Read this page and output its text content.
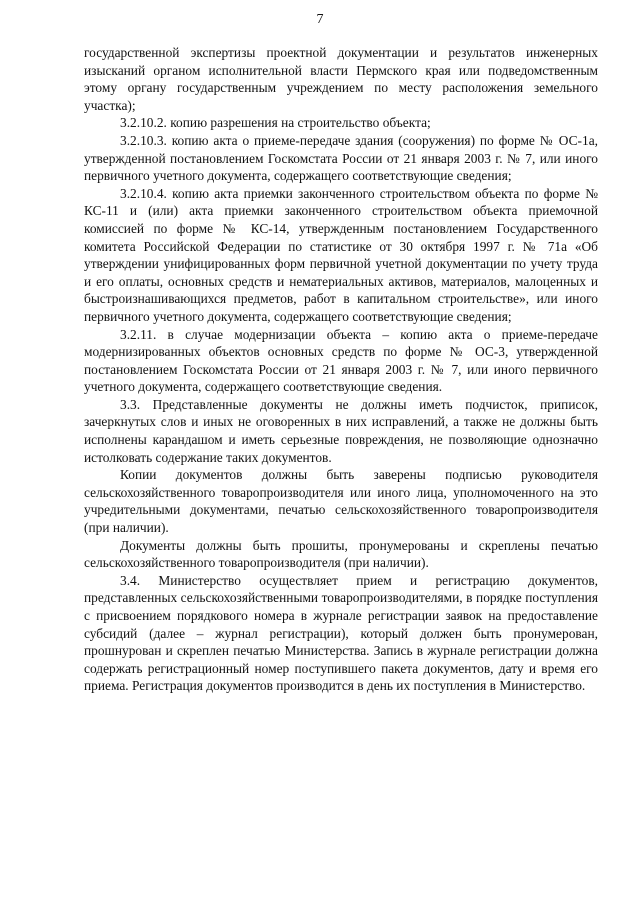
7

государственной экспертизы проектной документации и результатов инженерных изысканий органом исполнительной власти Пермского края или подведомственным этому органу государственным учреждением по месту расположения земельного участка);

3.2.10.2. копию разрешения на строительство объекта;

3.2.10.3. копию акта о приеме-передаче здания (сооружения) по форме № ОС-1а, утвержденной постановлением Госкомстата России от 21 января 2003 г. № 7, или иного первичного учетного документа, содержащего соответствующие сведения;

3.2.10.4. копию акта приемки законченного строительством объекта по форме № КС-11 и (или) акта приемки законченного строительством объекта приемочной комиссией по форме № КС-14, утвержденным постановлением Государственного комитета Российской Федерации по статистике от 30 октября 1997 г. № 71а «Об утверждении унифицированных форм первичной учетной документации по учету труда и его оплаты, основных средств и нематериальных активов, материалов, малоценных и быстроизнашивающихся предметов, работ в капитальном строительстве», или иного первичного учетного документа, содержащего соответствующие сведения;

3.2.11. в случае модернизации объекта – копию акта о приеме-передаче модернизированных объектов основных средств по форме № ОС-3, утвержденной постановлением Госкомстата России от 21 января 2003 г. № 7, или иного первичного учетного документа, содержащего соответствующие сведения.

3.3. Представленные документы не должны иметь подчисток, приписок, зачеркнутых слов и иных не оговоренных в них исправлений, а также не должны быть исполнены карандашом и иметь серьезные повреждения, не позволяющие однозначно истолковать содержание таких документов.

Копии документов должны быть заверены подписью руководителя сельскохозяйственного товаропроизводителя или иного лица, уполномоченного на это учредительными документами, печатью сельскохозяйственного товаропроизводителя (при наличии).

Документы должны быть прошиты, пронумерованы и скреплены печатью сельскохозяйственного товаропроизводителя (при наличии).

3.4. Министерство осуществляет прием и регистрацию документов, представленных сельскохозяйственными товаропроизводителями, в порядке поступления с присвоением порядкового номера в журнале регистрации заявок на предоставление субсидий (далее – журнал регистрации), который должен быть пронумерован, прошнурован и скреплен печатью Министерства. Запись в журнале регистрации должна содержать регистрационный номер поступившего пакета документов, дату и время его приема. Регистрация документов производится в день их поступления в Министерство.
